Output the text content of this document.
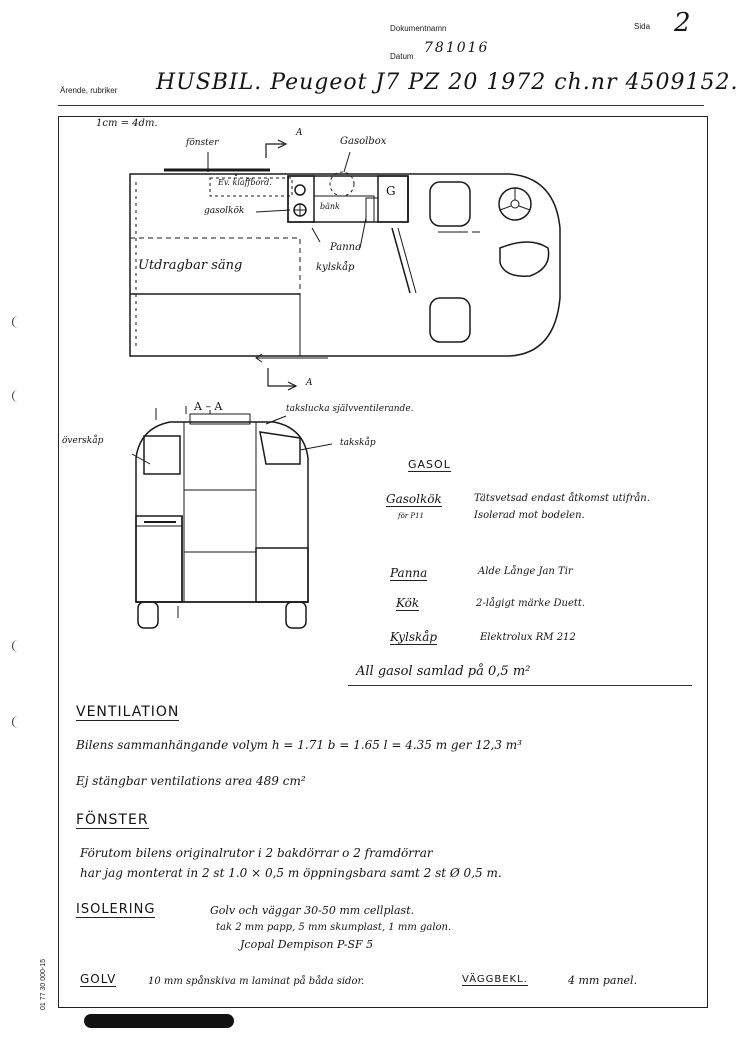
Dokumentnamn	Sida 2
Datum
781016
Ärende, rubriker HUSBIL. Peugeot J7 PZ 20 1972 ch.nr 4509152.
1cm = 4dm.
fönster
A
Gasolbox
Ev. klaffbord.
gasolkök	bänk
G
Panna
kylskåp
Utdragbar säng
A
A – A	takslucka självventilerande.
överskåp	takskåp
GASOL
Gasolkök
för P11
Tätsvetsad endast åtkomst utifrån. Isolerad mot bodelen.
Panna	Alde Långe Jan Tir
Kök	2-lågigt märke Duett.
Kylskåp	Elektrolux RM 212
All gasol samlad på 0,5 m²
VENTILATION
Bilens sammanhängande volym h = 1.71 b = 1.65 l = 4.35 m ger 12,3 m³
Ej stängbar ventilations area 489 cm²
FÖNSTER
Förutom bilens originalrutor i 2 bakdörrar o 2 framdörrar
har jag monterat in 2 st 1.0 × 0,5 m öppningsbara samt 2 st Ø 0,5 m.
ISOLERING	Golv och väggar 30-50 mm cellplast.
tak 2 mm papp, 5 mm skumplast, 1 mm galon.
Jcopal Dempison P-SF 5
GOLV	10 mm spånskiva m laminat på båda sidor.	VÄGGBEKL.	4 mm panel.
01 77 30 000-15
